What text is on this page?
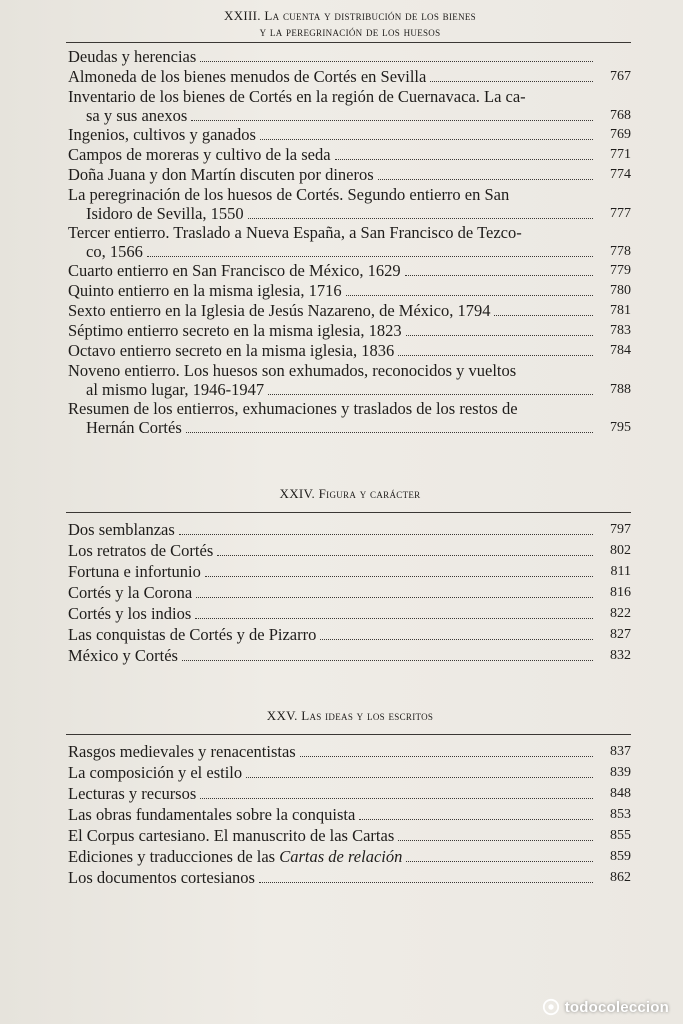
XXIII. La cuenta y distribución de los bienes
y la peregrinación de los huesos
Deudas y herencias
Almoneda de los bienes menudos de Cortés en Sevilla	767
Inventario de los bienes de Cortés en la región de Cuernavaca. La ca-
sa y sus anexos	768
Ingenios, cultivos y ganados	769
Campos de moreras y cultivo de la seda	771
Doña Juana y don Martín discuten por dineros	774
La peregrinación de los huesos de Cortés. Segundo entierro en San
Isidoro de Sevilla, 1550	777
Tercer entierro. Traslado a Nueva España, a San Francisco de Tezco-
co, 1566	778
Cuarto entierro en San Francisco de México, 1629	779
Quinto entierro en la misma iglesia, 1716	780
Sexto entierro en la Iglesia de Jesús Nazareno, de México, 1794	781
Séptimo entierro secreto en la misma iglesia, 1823	783
Octavo entierro secreto en la misma iglesia, 1836	784
Noveno entierro. Los huesos son exhumados, reconocidos y vueltos
al mismo lugar, 1946-1947	788
Resumen de los entierros, exhumaciones y traslados de los restos de
Hernán Cortés	795
XXIV. Figura y carácter
Dos semblanzas	797
Los retratos de Cortés	802
Fortuna e infortunio	811
Cortés y la Corona	816
Cortés y los indios	822
Las conquistas de Cortés y de Pizarro	827
México y Cortés	832
XXV. Las ideas y los escritos
Rasgos medievales y renacentistas	837
La composición y el estilo	839
Lecturas y recursos	848
Las obras fundamentales sobre la conquista	853
El Corpus cartesiano. El manuscrito de las Cartas	855
Ediciones y traducciones de las Cartas de relación	859
Los documentos cortesianos	862
todocoleccion
